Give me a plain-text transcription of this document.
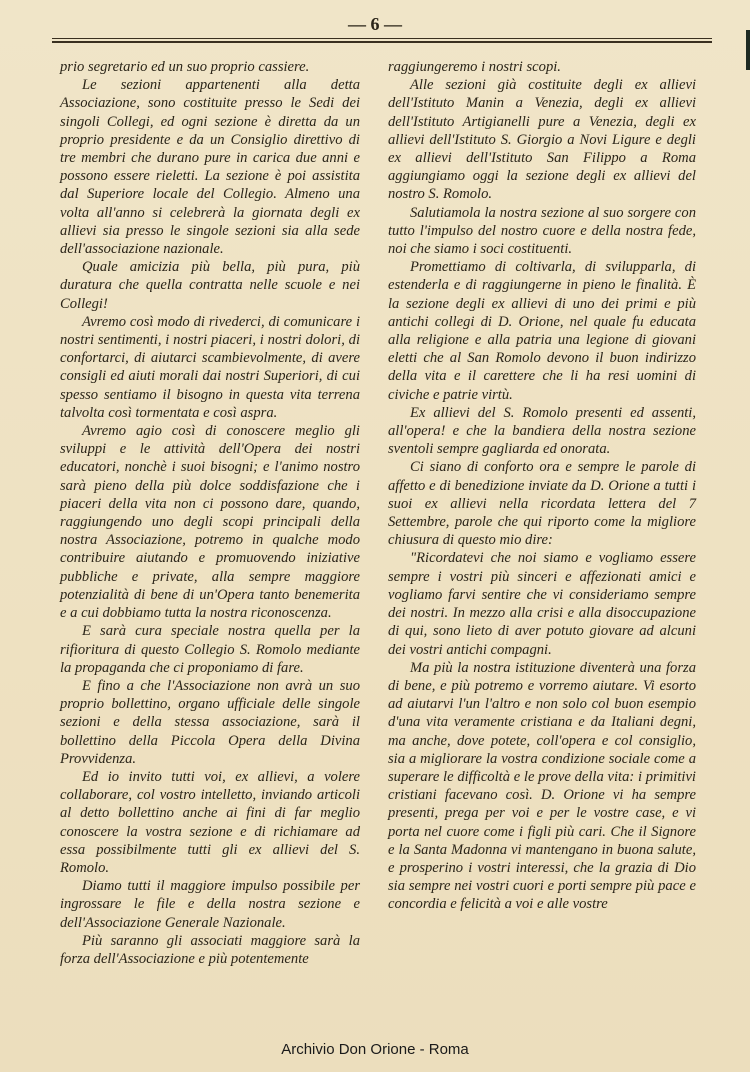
— 6 —

prio segretario ed un suo proprio cassiere.

Le sezioni appartenenti alla detta Associazione, sono costituite presso le Sedi dei singoli Collegi, ed ogni sezione è diretta da un proprio presidente e da un Consiglio direttivo di tre membri che durano pure in carica due anni e possono essere rieletti. La sezione è poi assistita dal Superiore locale del Collegio. Almeno una volta all'anno si celebrerà la giornata degli ex allievi sia presso le singole sezioni sia alla sede dell'associazione nazionale.

Quale amicizia più bella, più pura, più duratura che quella contratta nelle scuole e nei Collegi!

Avremo così modo di rivederci, di comunicare i nostri sentimenti, i nostri piaceri, i nostri dolori, di confortarci, di aiutarci scambievolmente, di avere consigli ed aiuti morali dai nostri Superiori, di cui spesso sentiamo il bisogno in questa vita terrena talvolta così tormentata e così aspra.

Avremo agio così di conoscere meglio gli sviluppi e le attività dell'Opera dei nostri educatori, nonchè i suoi bisogni; e l'animo nostro sarà pieno della più dolce soddisfazione che i piaceri della vita non ci possono dare, quando, raggiungendo uno degli scopi principali della nostra Associazione, potremo in qualche modo contribuire aiutando e promuovendo iniziative pubbliche e private, alla sempre maggiore potenzialità di bene di un'Opera tanto benemerita e a cui dobbiamo tutta la nostra riconoscenza.

E sarà cura speciale nostra quella per la rifioritura di questo Collegio S. Romolo mediante la propaganda che ci proponiamo di fare.

E fino a che l'Associazione non avrà un suo proprio bollettino, organo ufficiale delle singole sezioni e della stessa associazione, sarà il bollettino della Piccola Opera della Divina Provvidenza.

Ed io invito tutti voi, ex allievi, a volere collaborare, col vostro intelletto, inviando articoli al detto bollettino anche ai fini di far meglio conoscere la vostra sezione e di richiamare ad essa possibilmente tutti gli ex allievi del S. Romolo.

Diamo tutti il maggiore impulso possibile per ingrossare le file e della nostra sezione e dell'Associazione Generale Nazionale.

Più saranno gli associati maggiore sarà la forza dell'Associazione e più potentemente

raggiungeremo i nostri scopi.

Alle sezioni già costituite degli ex allievi dell'Istituto Manin a Venezia, degli ex allievi dell'Istituto Artigianelli pure a Venezia, degli ex allievi dell'Istituto S. Giorgio a Novi Ligure e degli ex allievi dell'Istituto San Filippo a Roma aggiungiamo oggi la sezione degli ex allievi del nostro S. Romolo.

Salutiamola la nostra sezione al suo sorgere con tutto l'impulso del nostro cuore e della nostra fede, noi che siamo i soci costituenti.

Promettiamo di coltivarla, di svilupparla, di estenderla e di raggiungerne in pieno le finalità. È la sezione degli ex allievi di uno dei primi e più antichi collegi di D. Orione, nel quale fu educata alla religione e alla patria una legione di giovani eletti che al San Romolo devono il buon indirizzo della vita e il carettere che li ha resi uomini di civiche e patrie virtù.

Ex allievi del S. Romolo presenti ed assenti, all'opera! e che la bandiera della nostra sezione sventoli sempre gagliarda ed onorata.

Ci siano di conforto ora e sempre le parole di affetto e di benedizione inviate da D. Orione a tutti i suoi ex allievi nella ricordata lettera del 7 Settembre, parole che qui riporto come la migliore chiusura di questo mio dire:

"Ricordatevi che noi siamo e vogliamo essere sempre i vostri più sinceri e affezionati amici e vogliamo farvi sentire che vi consideriamo sempre dei nostri. In mezzo alla crisi e alla disoccupazione di qui, sono lieto di aver potuto giovare ad alcuni dei vostri antichi compagni.

Ma più la nostra istituzione diventerà una forza di bene, e più potremo e vorremo aiutare. Vi esorto ad aiutarvi l'un l'altro e non solo col buon esempio d'una vita veramente cristiana e da Italiani degni, ma anche, dove potete, coll'opera e col consiglio, sia a migliorare la vostra condizione sociale come a superare le difficoltà e le prove della vita: i primitivi cristiani facevano così. D. Orione vi ha sempre presenti, prega per voi e per le vostre case, e vi porta nel cuore come i figli più cari. Che il Signore e la Santa Madonna vi mantengano in buona salute, e prosperino i vostri interessi, che la grazia di Dio sia sempre nei vostri cuori e porti sempre più pace e concordia e felicità a voi e alle vostre

Archivio Don Orione - Roma
